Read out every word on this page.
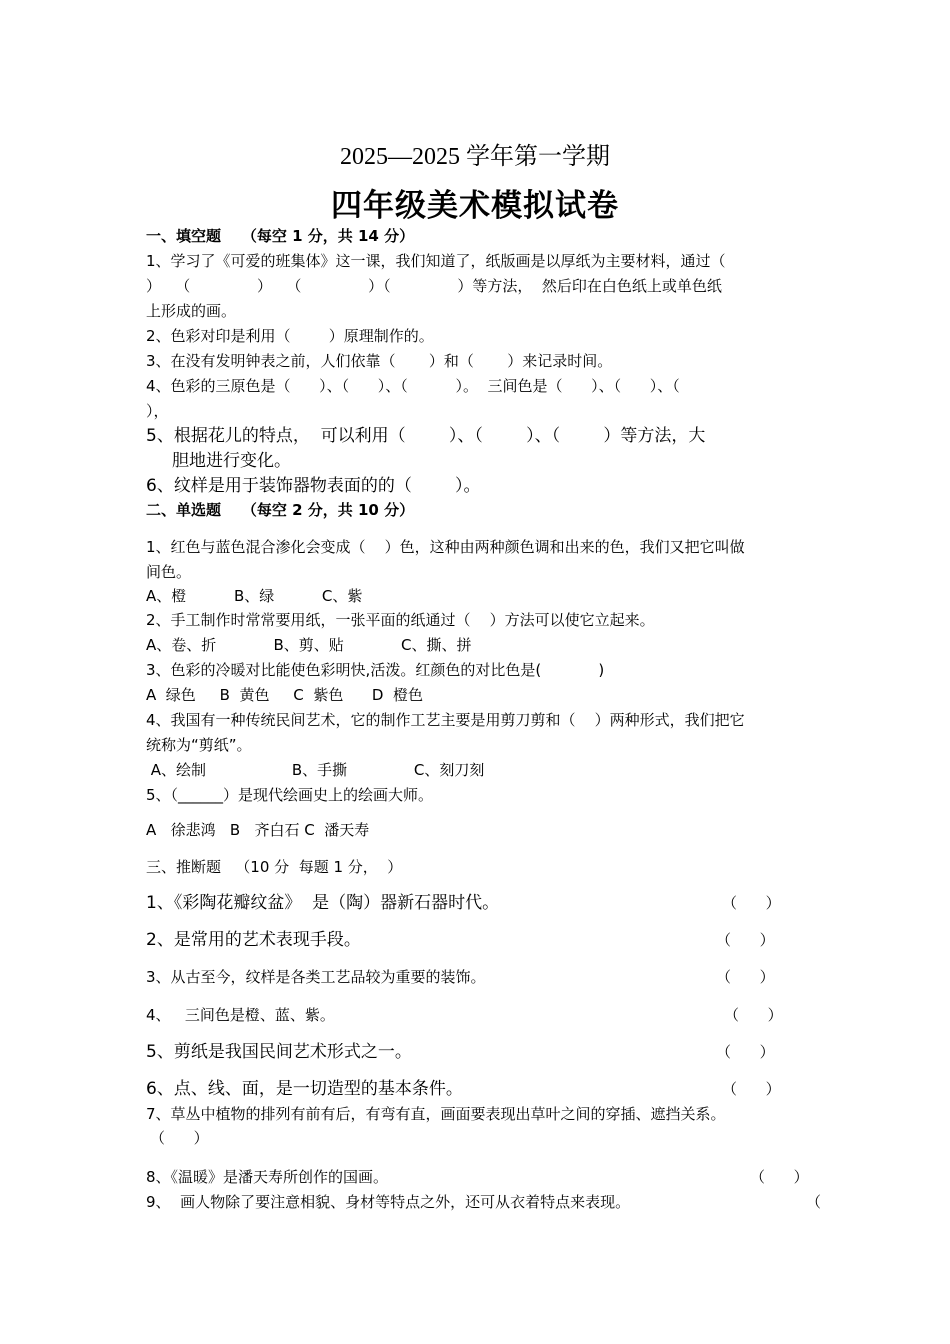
2025—2025 学年第一学期
四年级美术模拟试卷
一、填空题    （每空 1 分，共 14 分）
1、学习了《可爱的班集体》这一课，我们知道了，纸版画是以厚纸为主要材料，通过（
）   （              ）   （              ）（              ）等方法，  然后印在白色纸上或单色纸
上形成的画。
2、色彩对印是利用（        ）原理制作的。
3、在没有发明钟表之前，人们依靠（       ）和（       ）来记录时间。
4、色彩的三原色是（      ）、（      ）、（          ）。  三间色是（      ）、（      ）、（
），
5、根据花儿的特点，  可以利用（        ）、（        ）、（        ）等方法，大
胆地进行变化。
6、纹样是用于装饰器物表面的的（        ）。
二、单选题    （每空 2 分，共 10 分）
1、红色与蓝色混合渗化会变成（    ）色，这种由两种颜色调和出来的色，我们又把它叫做
间色。
A、橙          B、绿          C、紫
2、手工制作时常常要用纸，一张平面的纸通过（    ）方法可以使它立起来。
A、卷、折            B、剪、贴            C、撕、拼
3、色彩的冷暖对比能使色彩明快,活泼。红颜色的对比色是(            )
A  绿色     B  黄色     C  紫色      D  橙色
4、我国有一种传统民间艺术，它的制作工艺主要是用剪刀剪和（    ）两种形式，我们把它
统称为“剪纸”。
A、绘制                  B、手撕              C、刻刀刻
5、（______）是现代绘画史上的绘画大师。
A   徐悲鸿   B   齐白石 C  潘天寿
三、推断题   （10 分  每题 1 分，  ）
1、《彩陶花瓣纹盆》  是（陶）器新石器时代。	（      ）
2、是常用的艺术表现手段。	（      ）
3、从古至今，纹样是各类工艺品较为重要的装饰。	（      ）
4、   三间色是橙、蓝、紫。	（      ）
5、剪纸是我国民间艺术形式之一。	（      ）
6、点、线、面，是一切造型的基本条件。	（      ）
7、草丛中植物的排列有前有后，有弯有直，画面要表现出草叶之间的穿插、遮挡关系。
（      ）
8、《温暖》是潘天寿所创作的国画。	（      ）
9、  画人物除了要注意相貌、身材等特点之外，还可从衣着特点来表现。	（
